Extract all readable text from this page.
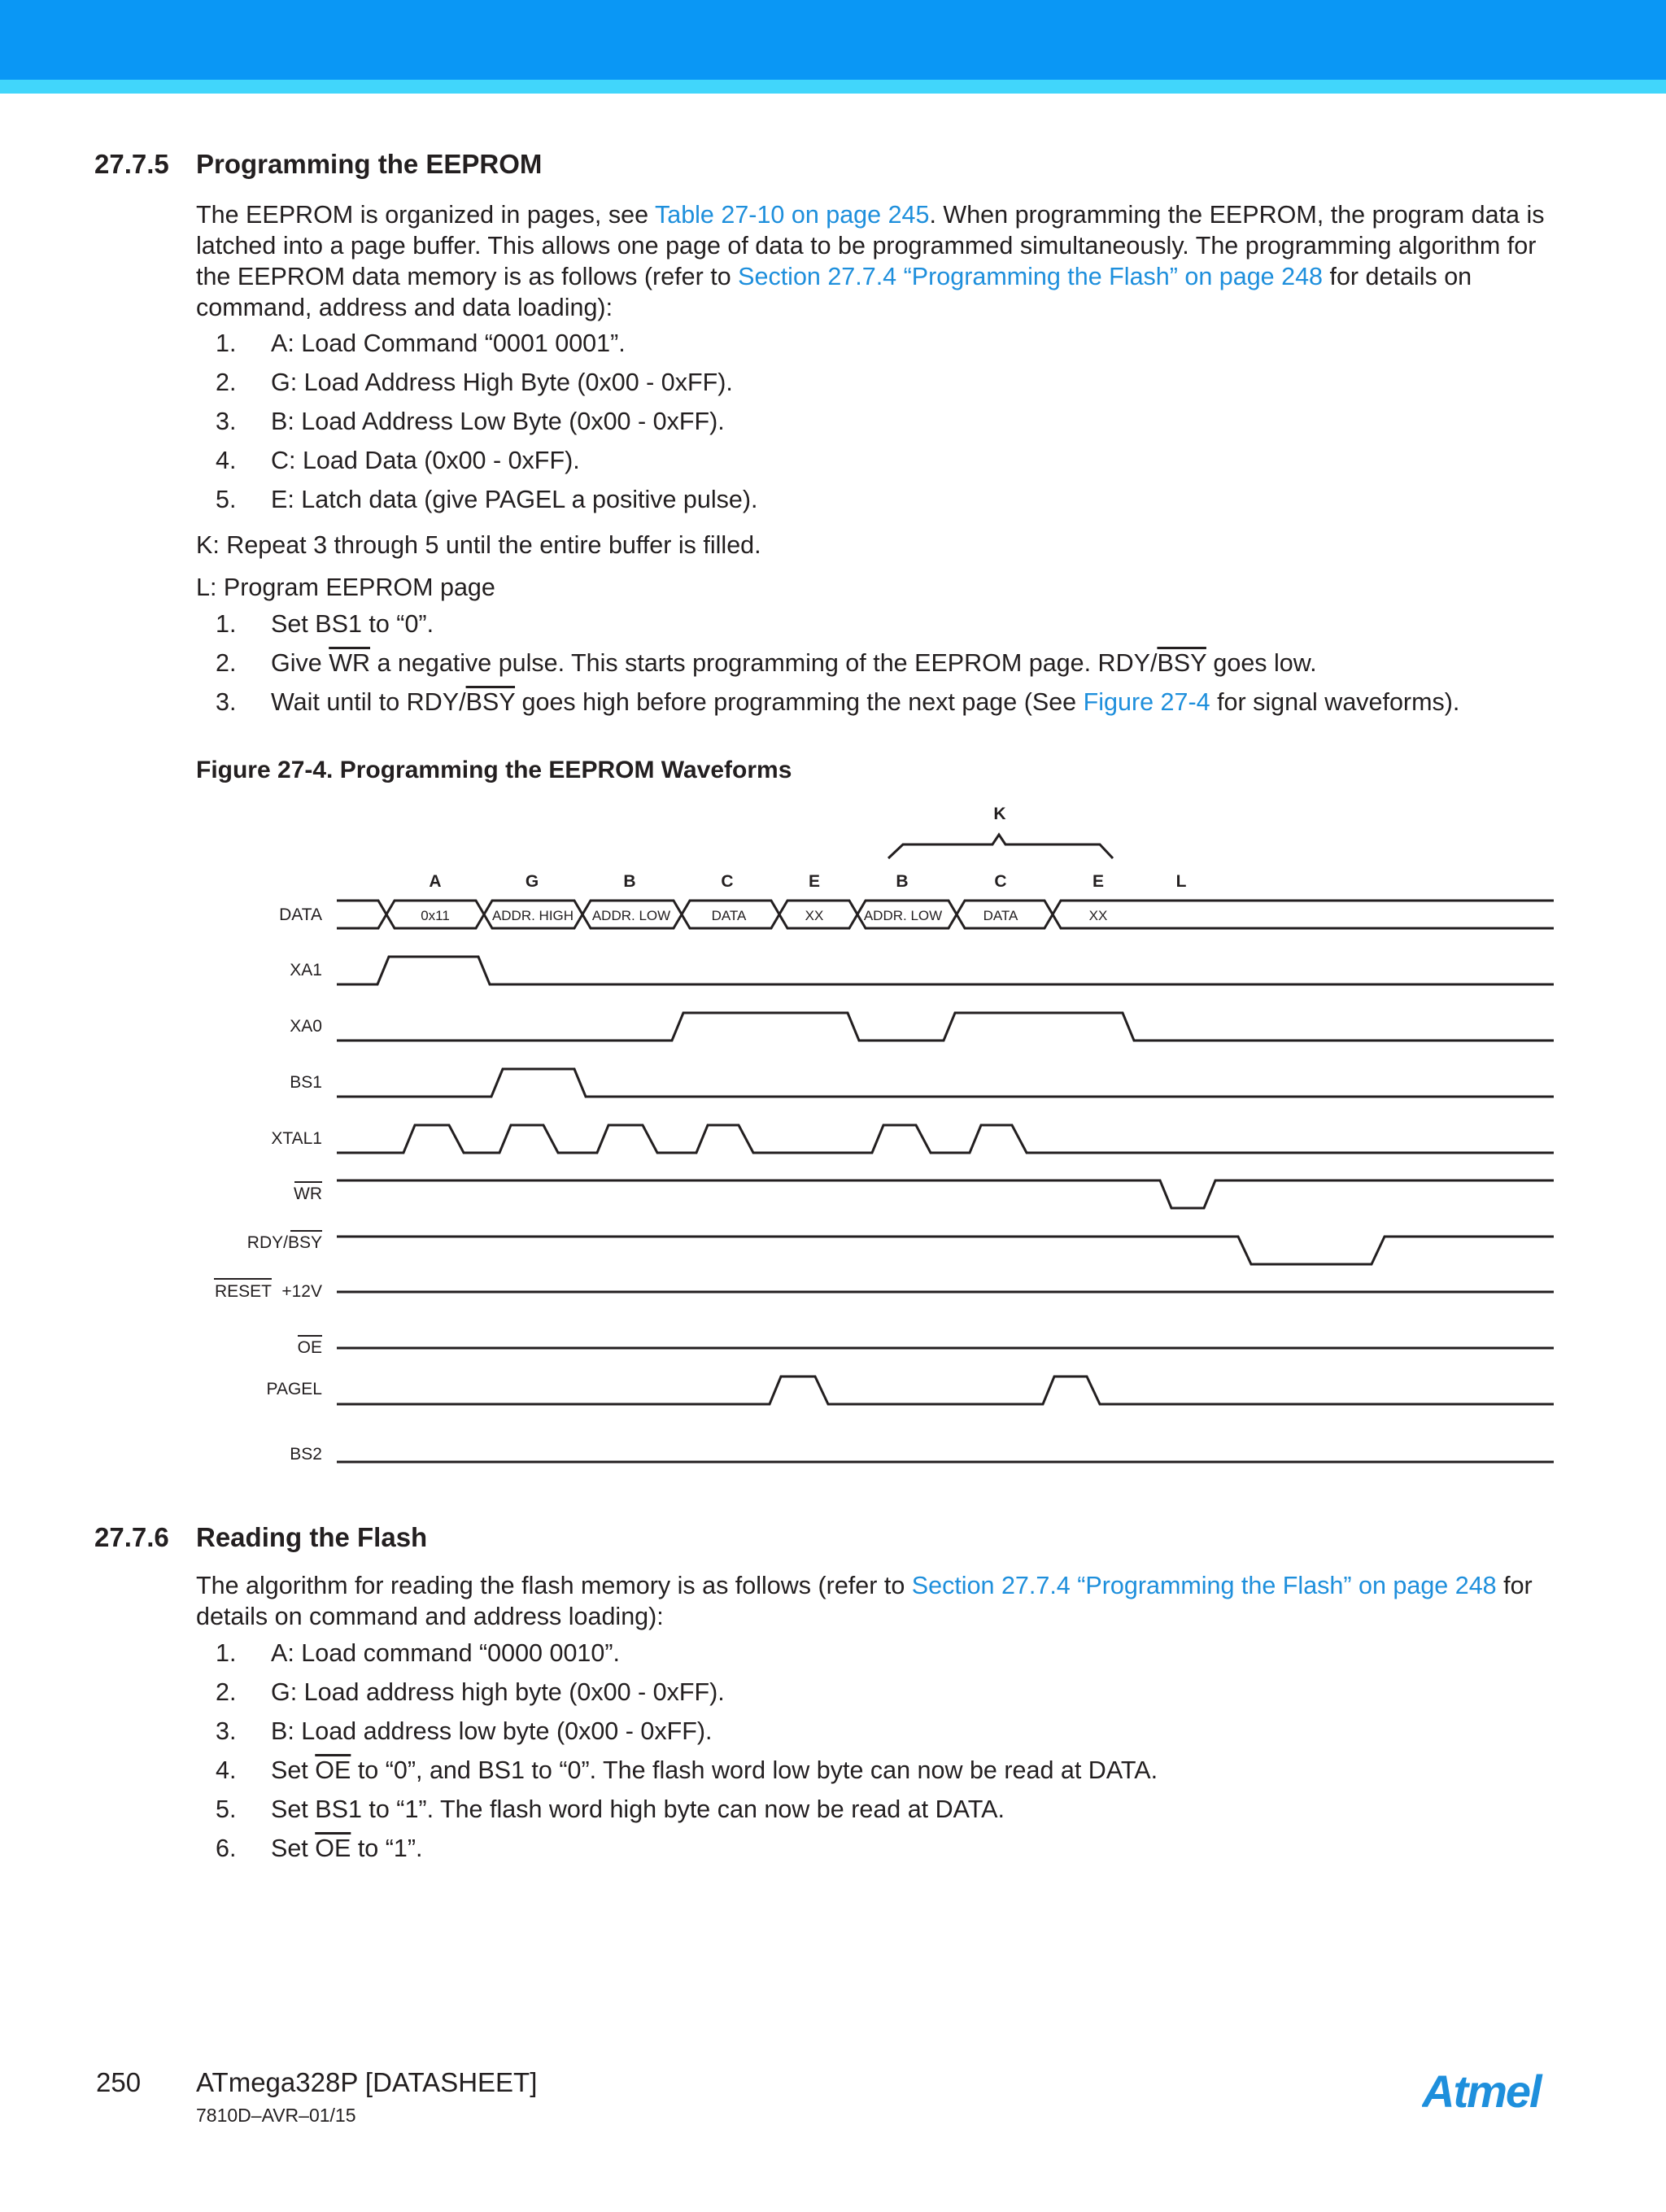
27.7.5 Programming the EEPROM
The EEPROM is organized in pages, see Table 27-10 on page 245. When programming the EEPROM, the program data is latched into a page buffer. This allows one page of data to be programmed simultaneously. The programming algorithm for the EEPROM data memory is as follows (refer to Section 27.7.4 “Programming the Flash” on page 248 for details on command, address and data loading):
1. A: Load Command “0001 0001”.
2. G: Load Address High Byte (0x00 - 0xFF).
3. B: Load Address Low Byte (0x00 - 0xFF).
4. C: Load Data (0x00 - 0xFF).
5. E: Latch data (give PAGEL a positive pulse).
K: Repeat 3 through 5 until the entire buffer is filled.
L: Program EEPROM page
1. Set BS1 to “0”.
2. Give $\overline{WR}$ a negative pulse. This starts programming of the EEPROM page. RDY/$\overline{BSY}$ goes low.
3. Wait until to RDY/$\overline{BSY}$ goes high before programming the next page (See Figure 27-4 for signal waveforms).
Figure 27-4. Programming the EEPROM Waveforms
K
A	G	B	C	E	B	C	E	L
0x11	ADDR. HIGH ADDR. LOW	DATA	XX	ADDR. LOW	DATA	XX
DATA
XA1
XA0
BS1
XTAL1
WR
RDY/BSY
RESET +12V
OE
PAGEL
BS2
27.7.6 Reading the Flash
The algorithm for reading the flash memory is as follows (refer to Section 27.7.4 “Programming the Flash” on page 248 for details on command and address loading):
1. A: Load command “0000 0010”.
2. G: Load address high byte (0x00 - 0xFF).
3. B: Load address low byte (0x00 - 0xFF).
4. Set $\overline{OE}$ to “0”, and BS1 to “0”. The flash word low byte can now be read at DATA.
5. Set BS1 to “1”. The flash word high byte can now be read at DATA.
6. Set $\overline{OE}$ to “1”.
250 ATmega328P [DATASHEET]
7810D–AVR–01/15	Atmel
